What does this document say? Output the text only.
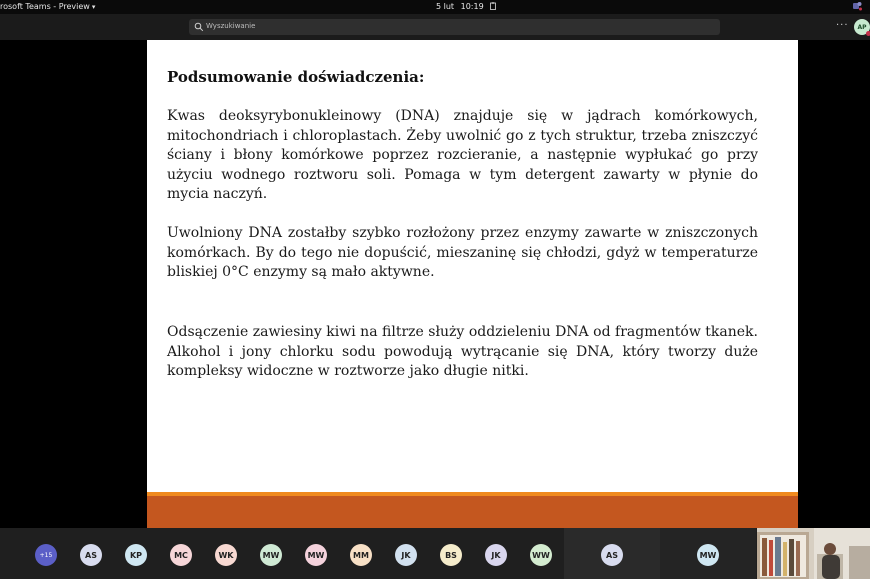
rosoft Teams - Preview ▾	5 lut 10:19
Wyszukiwanie	···	AP
Podsumowanie doświadczenia:
Kwas deoksyrybonukleinowy (DNA) znajduje się w jądrach komórkowych, mitochondriach i chloroplastach. Żeby uwolnić go z tych struktur, trzeba zniszczyć ściany i błony komórkowe poprzez rozcieranie, a następnie wypłukać go przy użyciu wodnego roztworu soli. Pomaga w tym detergent zawarty w płynie do mycia naczyń.
Uwolniony DNA zostałby szybko rozłożony przez enzymy zawarte w zniszczonych komórkach. By do tego nie dopuścić, mieszaninę się chłodzi, gdyż w temperaturze bliskiej 0°C enzymy są mało aktywne.
Odsączenie zawiesiny kiwi na filtrze służy oddzieleniu DNA od fragmentów tkanek. Alkohol i jony chlorku sodu powodują wytrącanie się DNA, który tworzy duże kompleksy widoczne w roztworze jako długie nitki.
+15	AS	KP	MC	WK	MW	MW	MM	JK	BS	JK	WW	AS	MW
